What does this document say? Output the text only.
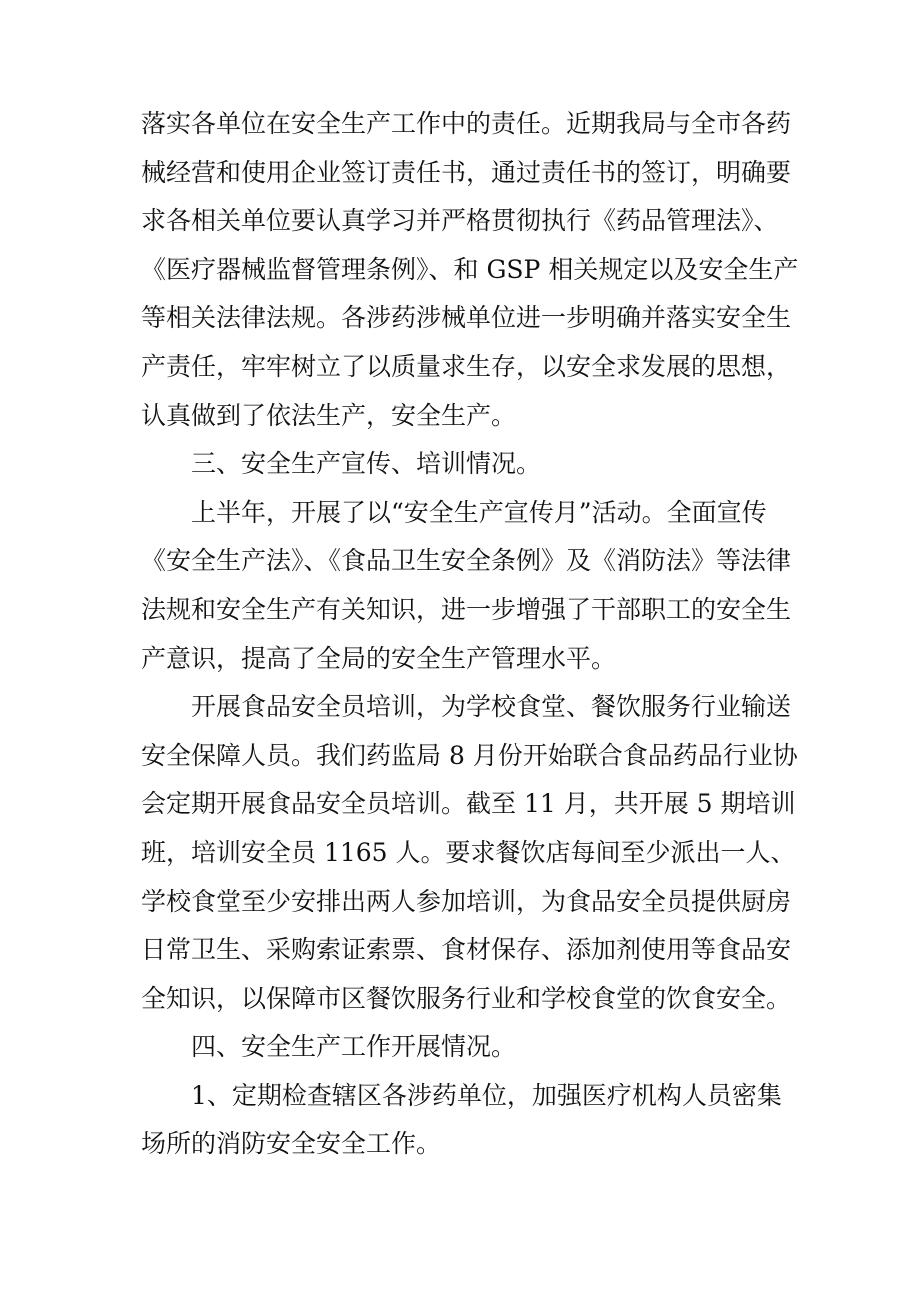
落实各单位在安全生产工作中的责任。近期我局与全市各药
械经营和使用企业签订责任书，通过责任书的签订，明确要
求各相关单位要认真学习并严格贯彻执行《药品管理法》、
《医疗器械监督管理条例》、和 GSP 相关规定以及安全生产
等相关法律法规。各涉药涉械单位进一步明确并落实安全生
产责任，牢牢树立了以质量求生存，以安全求发展的思想，
认真做到了依法生产，安全生产。
三、安全生产宣传、培训情况。
上半年，开展了以“安全生产宣传月”活动。全面宣传
《安全生产法》、《食品卫生安全条例》及《消防法》等法律
法规和安全生产有关知识，进一步增强了干部职工的安全生
产意识，提高了全局的安全生产管理水平。
开展食品安全员培训，为学校食堂、餐饮服务行业输送
安全保障人员。我们药监局 8 月份开始联合食品药品行业协
会定期开展食品安全员培训。截至 11 月，共开展 5 期培训
班，培训安全员 1165 人。要求餐饮店每间至少派出一人、
学校食堂至少安排出两人参加培训，为食品安全员提供厨房
日常卫生、采购索证索票、食材保存、添加剂使用等食品安
全知识，以保障市区餐饮服务行业和学校食堂的饮食安全。
四、安全生产工作开展情况。
1、定期检查辖区各涉药单位，加强医疗机构人员密集
场所的消防安全安全工作。
